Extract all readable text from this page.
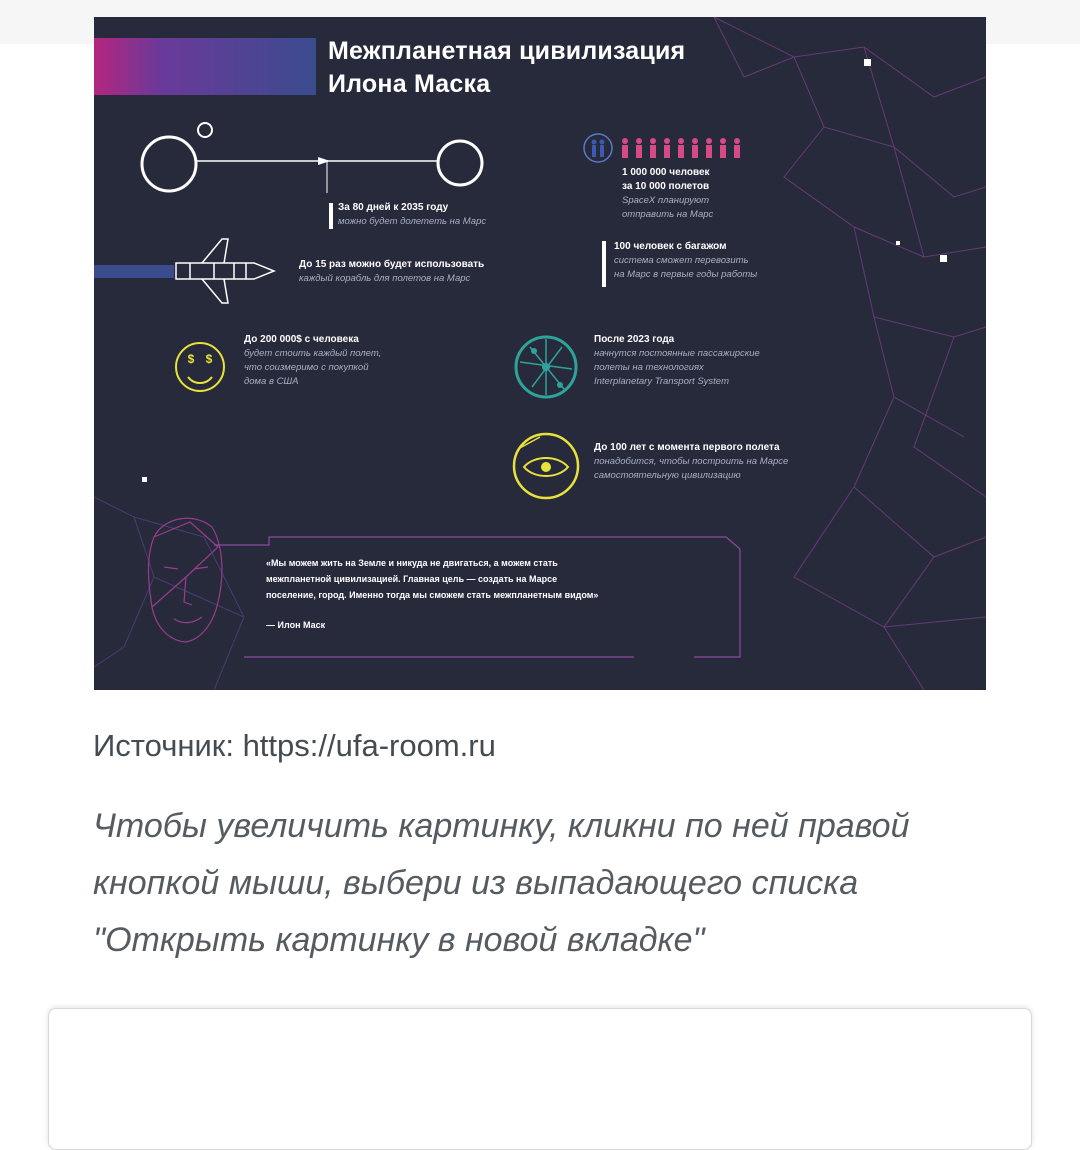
$ $
Межпланетная цивилизация
Илона Маска
За 80 дней к 2035 году
можно будет долететь на Марс
До 15 раз можно будет использовать
каждый корабль для полетов на Марс
1 000 000 человек
за 10 000 полетов
SpaceX планируют
отправить на Марс
100 человек с багажом
система сможет перевозить
на Марс в первые годы работы
До 200 000$ с человека
будет стоить каждый полет,
что соизмеримо с покупкой
дома в США
После 2023 года
начнутся постоянные пассажирские
полеты на технологиях
Interplanetary Transport System
До 100 лет с момента первого полета
понадобится, чтобы построить на Марсе
самостоятельную цивилизацию
«Мы можем жить на Земле и никуда не двигаться, а можем стать
межпланетной цивилизацией. Главная цель — создать на Марсе
поселение, город. Именно тогда мы сможем стать межпланетным видом»
— Илон Маск
Источник: https://ufa-room.ru
Чтобы увеличить картинку, кликни по ней правой
кнопкой мыши, выбери из выпадающего списка
"Открыть картинку в новой вкладке"
